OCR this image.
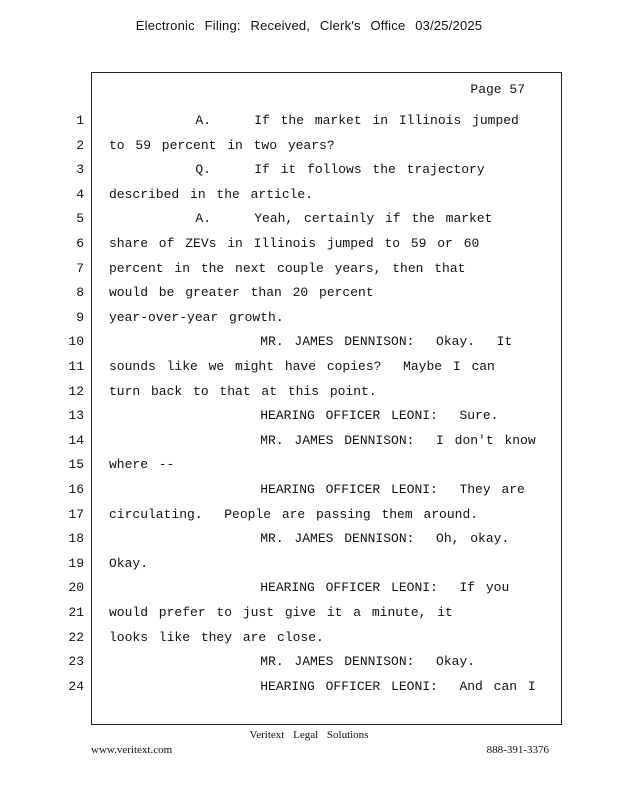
Electronic Filing: Received, Clerk's Office 03/25/2025
Page 57
1 A.    If the market in Illinois jumped
2 to 59 percent in two years?
3 Q.    If it follows the trajectory
4 described in the article.
5 A.    Yeah, certainly if the market
6 share of ZEVs in Illinois jumped to 59 or 60
7 percent in the next couple years, then that
8 would be greater than 20 percent
9 year-over-year growth.
10 MR. JAMES DENNISON:  Okay.  It
11 sounds like we might have copies?  Maybe I can
12 turn back to that at this point.
13 HEARING OFFICER LEONI:  Sure.
14 MR. JAMES DENNISON:  I don't know
15 where --
16 HEARING OFFICER LEONI:  They are
17 circulating.  People are passing them around.
18 MR. JAMES DENNISON:  Oh, okay.
19 Okay.
20 HEARING OFFICER LEONI:  If you
21 would prefer to just give it a minute, it
22 looks like they are close.
23 MR. JAMES DENNISON:  Okay.
24 HEARING OFFICER LEONI:  And can I
Veritext Legal Solutions
www.veritext.com	888-391-3376
